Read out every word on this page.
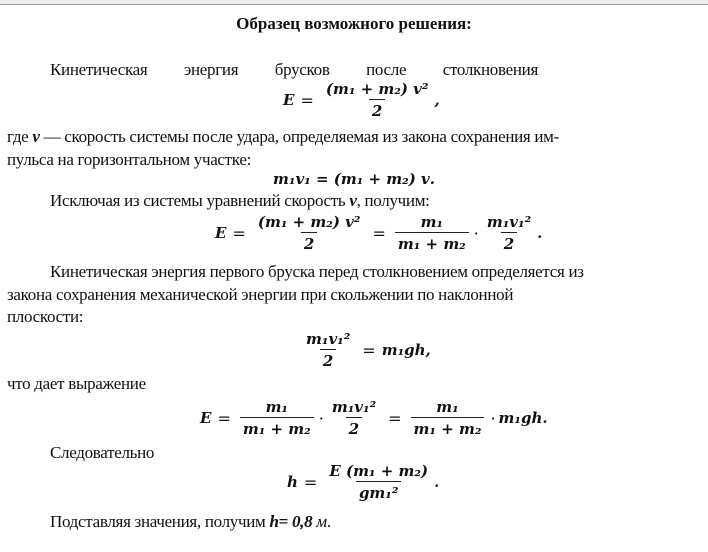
Образец возможного решения:
Кинетическая энергия брусков после столкновения
$E = \frac{\text{(m₁ + m₂) v²}}{2}$ ,
где v — скорость системы после удара, определяемая из закона сохранения им-
пульса на горизонтальном участке:
m₁v₁ = (m₁ + m₂) v .
Исключая из системы уравнений скорость v, получим:
$E = \frac{\text{(m₁ + m₂) v²}}{2} = \frac{\text{m₁}}{\text{m₁ + m₂}} \cdot \frac{\text{m₁v₁²}}{2}$ .
Кинетическая энергия первого бруска перед столкновением определяется из
закона сохранения механической энергии при скольжении по наклонной
плоскости:
$\frac{\text{m₁v₁²}}{2} = m_1gh$ ,
что дает выражение
$E = \frac{\text{m₁}}{\text{m₁ + m₂}} \cdot \frac{\text{m₁v₁²}}{2} = \frac{\text{m₁}}{\text{m₁ + m₂}} \cdot m_1gh$ .
Следовательно
$h = \frac{\text{E (m₁ + m₂)}}{\text{gm₁²}}$ .
Подставляя значения, получим h= 0,8 м.
